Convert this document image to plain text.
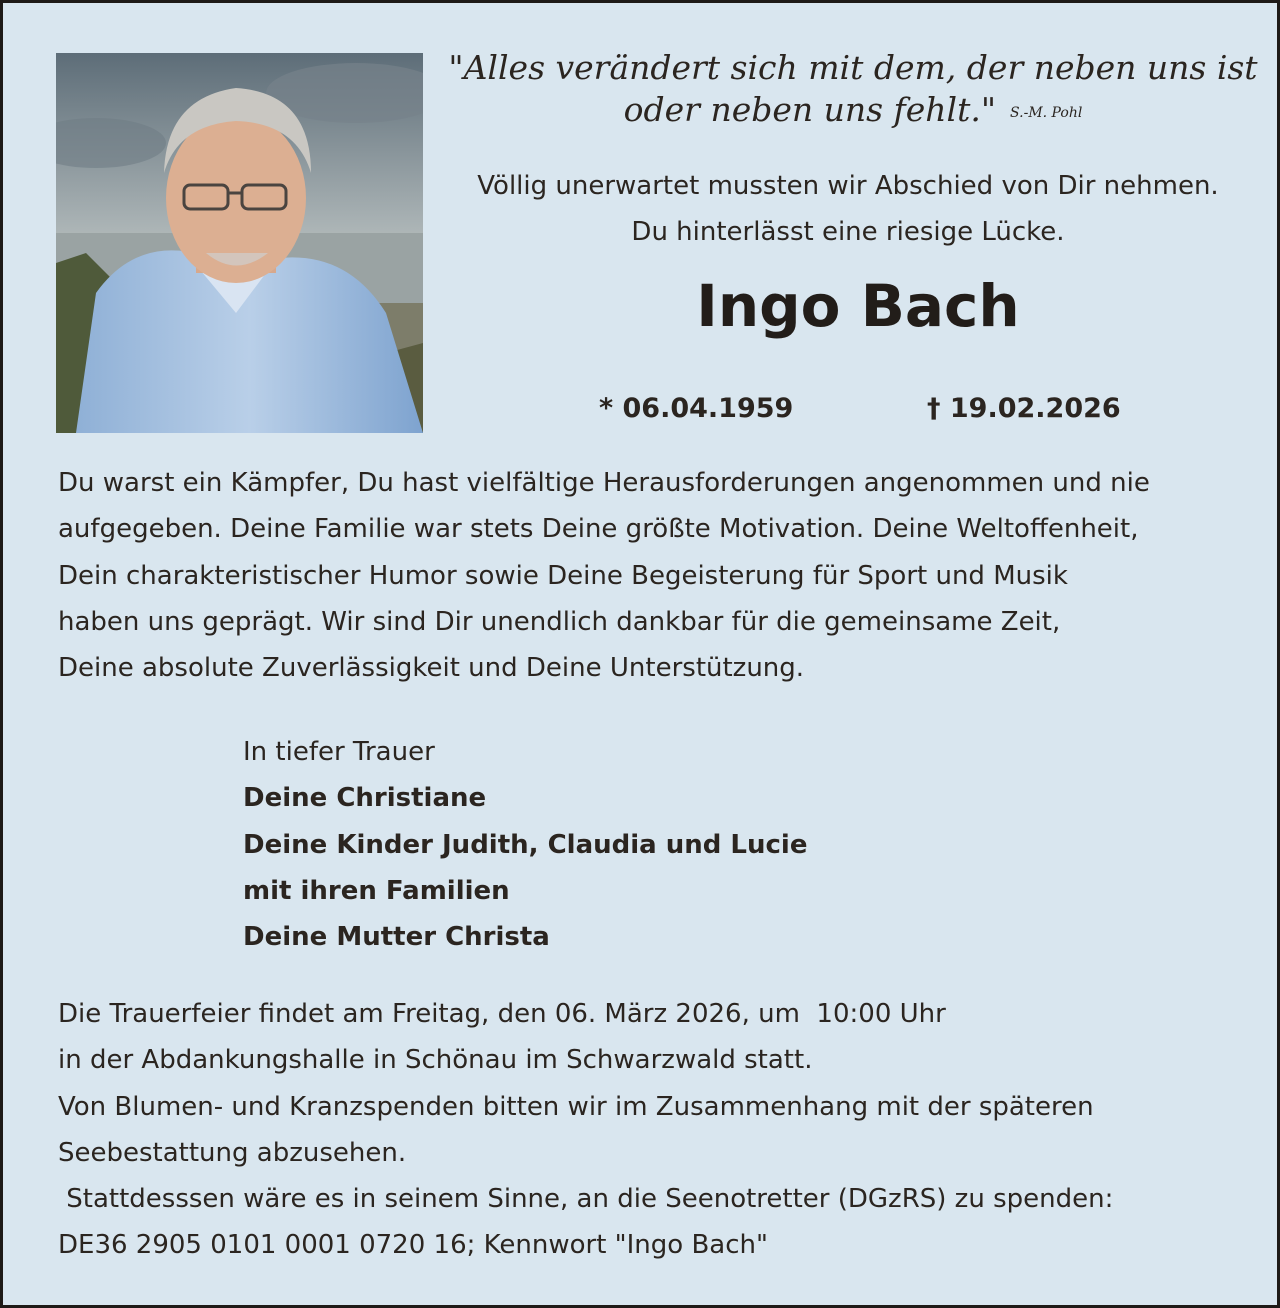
"Alles verändert sich mit dem, der neben uns ist
oder neben uns fehlt." S.-M. Pohl
Völlig unerwartet mussten wir Abschied von Dir nehmen.
Du hinterlässt eine riesige Lücke.
Ingo Bach
* 06.04.1959	† 19.02.2026
Du warst ein Kämpfer, Du hast vielfältige Herausforderungen angenommen und nie
aufgegeben. Deine Familie war stets Deine größte Motivation. Deine Weltoffenheit,
Dein charakteristischer Humor sowie Deine Begeisterung für Sport und Musik
haben uns geprägt. Wir sind Dir unendlich dankbar für die gemeinsame Zeit,
Deine absolute Zuverlässigkeit und Deine Unterstützung.
In tiefer Trauer
Deine Christiane
Deine Kinder Judith, Claudia und Lucie
mit ihren Familien
Deine Mutter Christa
Die Trauerfeier findet am Freitag, den 06. März 2026, um  10:00 Uhr
in der Abdankungshalle in Schönau im Schwarzwald statt.
Von Blumen- und Kranzspenden bitten wir im Zusammenhang mit der späteren
Seebestattung abzusehen.
Stattdesssen wäre es in seinem Sinne, an die Seenotretter (DGzRS) zu spenden:
DE36 2905 0101 0001 0720 16; Kennwort "Ingo Bach"
